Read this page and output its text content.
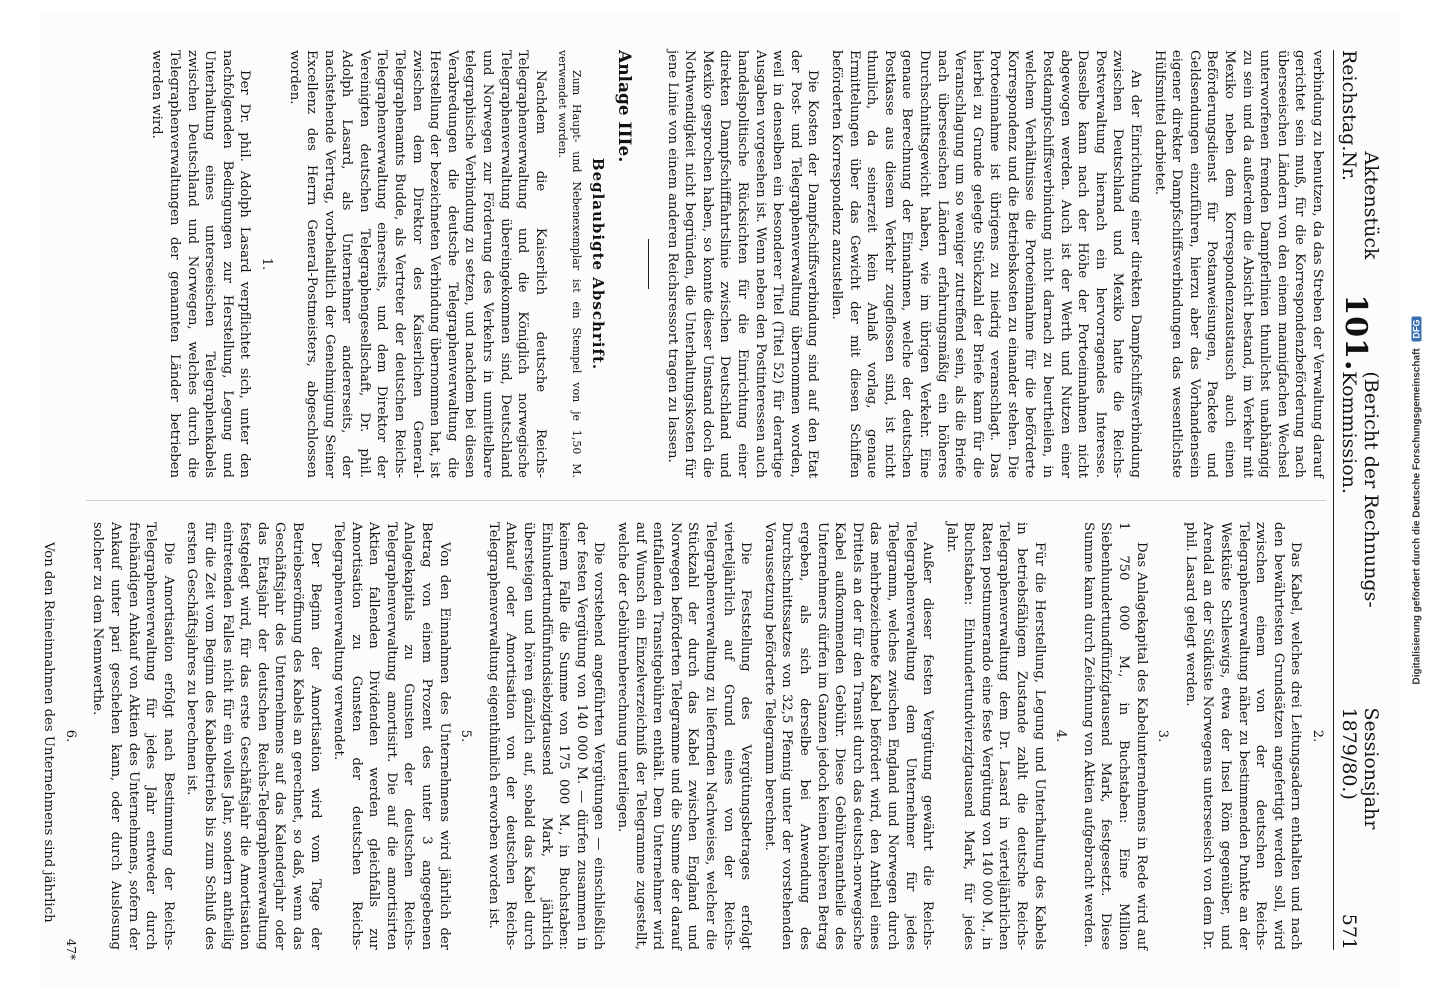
Reichstag.
Aktenstück Nr.
101.
(Bericht der Rechnungs-Kommission.
Sessionsjahr 1879/80.)
571

verbindung zu benutzen, da das Streben der Verwaltung darauf gerichtet sein muß, für die Korrespondenzbeförderung nach überseeischen Ländern von den einem mannigfachen Wechsel unterworfenen fremden Dampferlinien thunlichst unabhängig zu sein und da außerdem die Absicht bestand, im Verkehr mit Mexiko neben dem Korrespondenzaustausch auch einen Beförderungsdienst für Postanweisungen, Packete und Geldsendungen einzuführen, hierzu aber das Vorhandensein eigener direkter Dampfschiffsverbindungen das wesentlichste Hülfsmittel darbietet.

An der Einrichtung einer direkten Dampfschiffsverbindung zwischen Deutschland und Mexiko hatte die Reichs-Postverwaltung hiernach ein hervorragendes Interesse. Dasselbe kann nach der Höhe der Portoeinnahmen nicht abgewogen werden. Auch ist der Werth und Nutzen einer Postdampfschiffsverbindung nicht darnach zu beurtheilen, in welchem Verhältnisse die Portoeinnahme für die beförderte Korrespondenz und die Betriebskosten zu einander stehen. Die Portoeinnahme ist übrigens zu niedrig veranschlagt. Das hierbei zu Grunde gelegte Stückzahl der Briefe kann für die Veranschlagung um so weniger zutreffend sein, als die Briefe nach überseeischen Ländern erfahrungsmäßig ein höheres Durchschnittsgewicht haben, wie im übrigen Verkehr. Eine genaue Berechnung der Einnahmen, welche der deutschen Postkasse aus diesem Verkehr zugeflossen sind, ist nicht thunlich, da seinerzeit kein Anlaß vorlag, genaue Ermittelungen über das Gewicht der mit diesen Schiffen beförderten Korrespondenz anzustellen.

Die Kosten der Dampfschiffsverbindung sind auf den Etat der Post- und Telegraphenverwaltung übernommen worden, weil in denselben ein besonderer Titel (Titel 52) für derartige Ausgaben vorgesehen ist. Wenn neben den Postinteressen auch handelspolitische Rücksichten für die Einrichtung einer direkten Dampfschifffahrtslinie zwischen Deutschland und Mexiko gesprochen haben, so konnte dieser Umstand doch die Nothwendigkeit nicht begründen, die Unterhaltungskosten für jene Linie von einem anderen Reichsressort tragen zu lassen.

Anlage IIIe.
Beglaubigte Abschrift.

Zum Haupt- und Nebenexemplar ist ein Stempel von je 1,50 M. verwendet worden.

Nachdem die Kaiserlich deutsche Reichs-Telegraphenverwaltung und die Königlich norwegische Telegraphenverwaltung übereingekommen sind, Deutschland und Norwegen zur Förderung des Verkehrs in unmittelbare telegraphische Verbindung zu setzen, und nachdem bei diesen Verabredungen die deutsche Telegraphenverwaltung die Herstellung der bezeichneten Verbindung übernommen hat, ist zwischen dem Direktor des Kaiserlichen General-Telegraphenamts Budde, als Vertreter der deutschen Reichs-Telegraphenverwaltung einerseits, und dem Direktor der Vereinigten deutschen Telegraphengesellschaft, Dr. phil. Adolph Lasard, als Unternehmer andererseits, der nachstehende Vertrag, vorbehaltlich der Genehmigung Seiner Excellenz des Herrn General-Postmeisters, abgeschlossen worden.

1.

Der Dr. phil. Adolph Lasard verpflichtet sich, unter den nachfolgenden Bedingungen zur Herstellung, Legung und Unterhaltung eines unterseeischen Telegraphenkabels zwischen Deutschland und Norwegen, welches durch die Telegraphenverwaltungen der genannten Länder betrieben werden wird.

2.

Das Kabel, welches drei Leitungsadern enthalten und nach den bewährtesten Grundsätzen angefertigt werden soll, wird zwischen einem von der deutschen Reichs-Telegraphenverwaltung näher zu bestimmenden Punkte an der Westküste Schleswigs, etwa der Insel Röm gegenüber, und Arendal an der Südküste Norwegens unterseeisch von dem Dr. phil. Lasard gelegt werden.

3.

Das Anlagekapital des Kabelunternehmens in Rede wird auf 1 750 000 M., in Buchstaben: Eine Million Siebenhundertundfünfzigtausend Mark, festgesetzt. Diese Summe kann durch Zeichnung von Aktien aufgebracht werden.

4.

Für die Herstellung, Legung und Unterhaltung des Kabels in betriebsfähigem Zustande zahlt die deutsche Reichs-Telegraphenverwaltung dem Dr. Lasard in vierteljährlichen Raten postnumerando eine feste Vergütung von 140 000 M., in Buchstaben: Einhundertundvierzigtausend Mark, für jedes Jahr.

Außer dieser festen Vergütung gewährt die Reichs-Telegraphenverwaltung dem Unternehmer für jedes Telegramm, welches zwischen England und Norwegen durch das mehrbezeichnete Kabel befördert wird, den Antheil eines Drittels an der für den Transit durch das deutsch-norwegische Kabel aufkommenden Gebühr. Diese Gebührenantheile des Unternehmers dürfen im Ganzen jedoch keinen höheren Betrag ergeben, als sich derselbe bei Anwendung des Durchschnittssatzes von 32,5 Pfennig unter der vorstehenden Voraussetzung beförderte Telegramm berechnet.

Die Feststellung des Vergütungsbetrages erfolgt vierteljährlich auf Grund eines von der Reichs-Telegraphenverwaltung zu liefernden Nachweises, welcher die Stückzahl der durch das Kabel zwischen England und Norwegen beförderten Telegramme und die Summe der darauf entfallenden Transitgebühren enthält. Dem Unternehmer wird auf Wunsch ein Einzelverzeichniß der Telegramme zugestellt, welche der Gebührenberechnung unterliegen.

Die vorstehend angeführten Vergütungen — einschließlich der festen Vergütung von 140 000 M. — dürfen zusammen in keinem Falle die Summe von 175 000 M., in Buchstaben: Einhundertundfünfundsiebzigtausend Mark, jährlich übersteigen und hören gänzlich auf, sobald das Kabel durch Ankauf oder Amortisation von der deutschen Reichs-Telegraphenverwaltung eigenthümlich erworben worden ist.

5.

Von den Einnahmen des Unternehmens wird jährlich der Betrag von einem Prozent des unter 3 angegebenen Anlagekapitals zu Gunsten der deutschen Reichs-Telegraphenverwaltung amortisirt. Die auf die amortisirten Aktien fallenden Dividenden werden gleichfalls zur Amortisation zu Gunsten der deutschen Reichs-Telegraphenverwaltung verwendet.

Der Beginn der Amortisation wird vom Tage der Betriebseröffnung des Kabels an gerechnet, so daß, wenn das Geschäftsjahr des Unternehmens auf das Kalenderjahr oder das Etatsjahr der deutschen Reichs-Telegraphenverwaltung festgelegt wird, für das erste Geschäftsjahr die Amortisation eintretenden Falles nicht für ein volles Jahr, sondern antheilig für die Zeit vom Beginn des Kabelbetriebs bis zum Schluß des ersten Geschäftsjahres zu berechnen ist.

Die Amortisation erfolgt nach Bestimmung der Reichs-Telegraphenverwaltung für jedes Jahr entweder durch freihändigen Ankauf von Aktien des Unternehmens, sofern der Ankauf unter pari geschehen kann, oder durch Auslosung solcher zu dem Nennwerthe.

6.

Von den Reineinnahmen des Unternehmens sind jährlich

47*
Digitalisierung gefördert durch die Deutsche Forschungsgemeinschaft DFG
